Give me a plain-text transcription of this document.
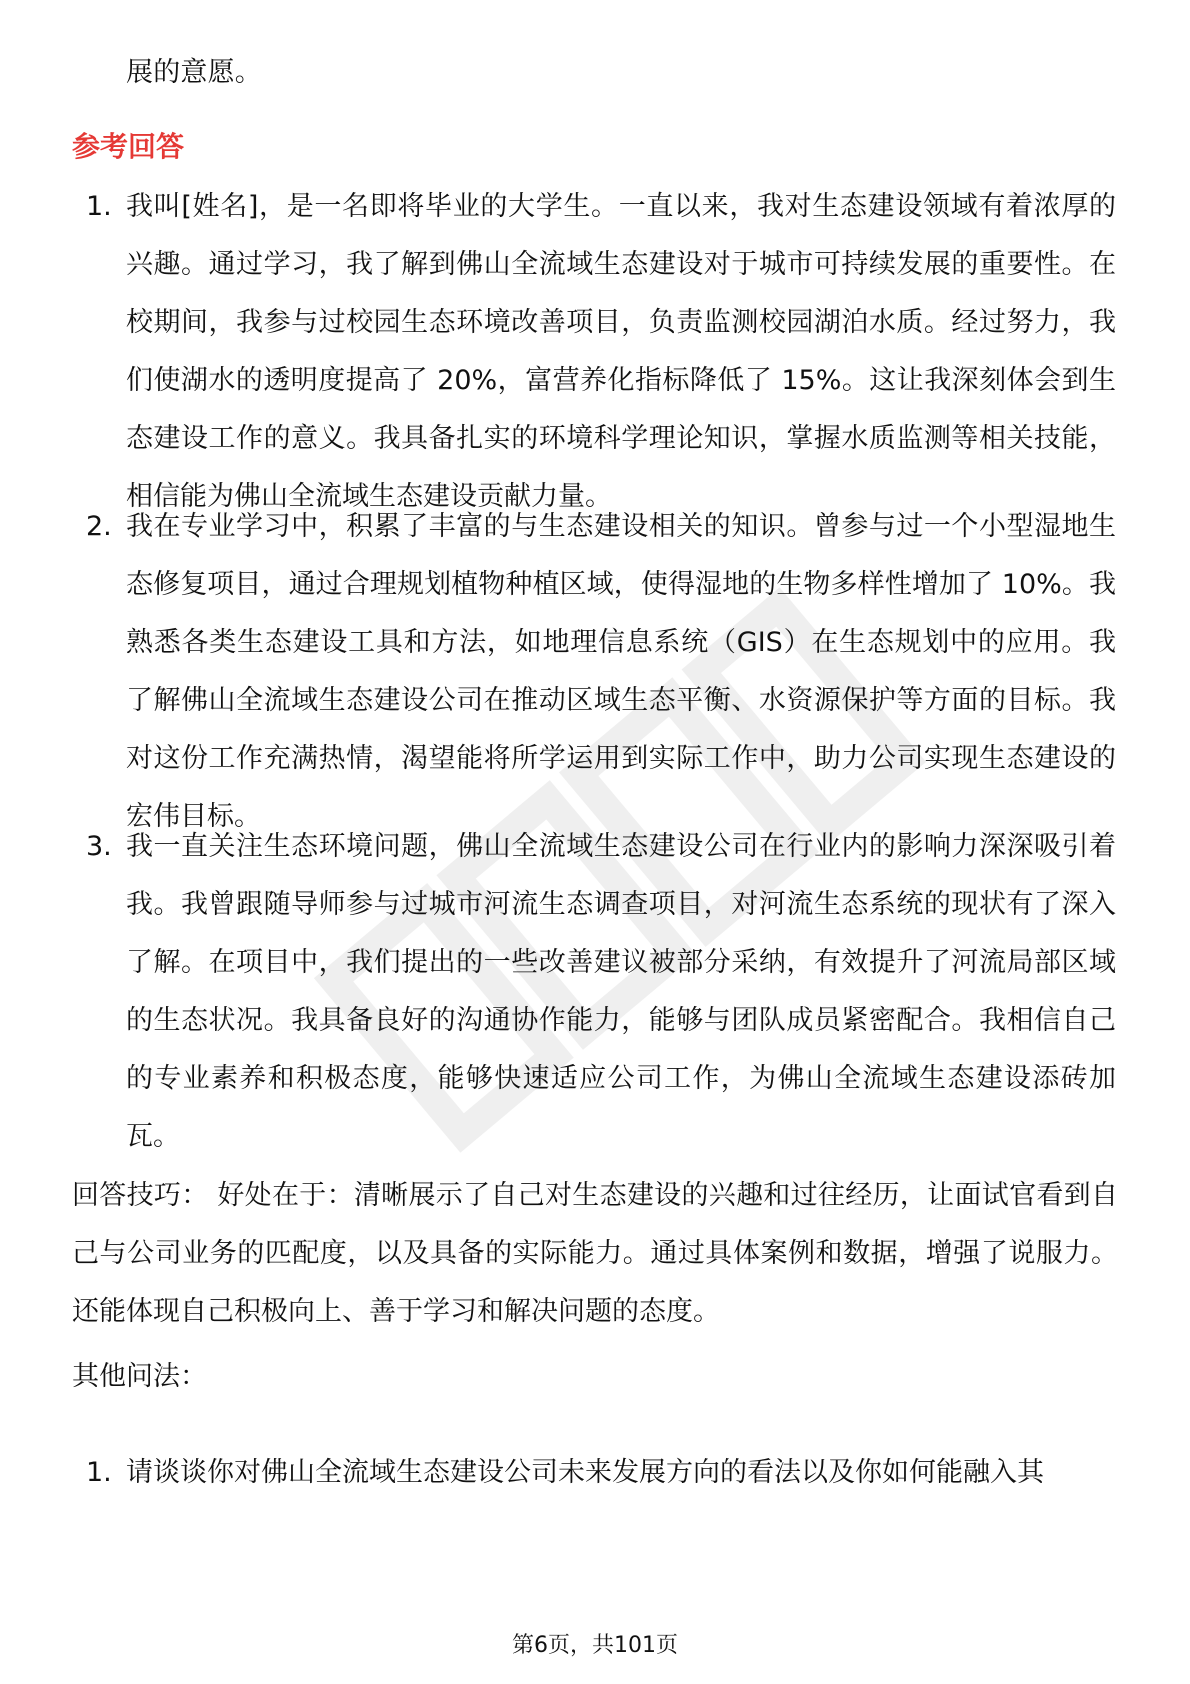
展的意愿。
参考回答
1. 我叫[姓名]，是一名即将毕业的大学生。一直以来，我对生态建设领域有着浓厚的兴趣。通过学习，我了解到佛山全流域生态建设对于城市可持续发展的重要性。在校期间，我参与过校园生态环境改善项目，负责监测校园湖泊水质。经过努力，我们使湖水的透明度提高了 20%，富营养化指标降低了 15%。这让我深刻体会到生态建设工作的意义。我具备扎实的环境科学理论知识，掌握水质监测等相关技能，相信能为佛山全流域生态建设贡献力量。
2. 我在专业学习中，积累了丰富的与生态建设相关的知识。曾参与过一个小型湿地生态修复项目，通过合理规划植物种植区域，使得湿地的生物多样性增加了 10%。我熟悉各类生态建设工具和方法，如地理信息系统（GIS）在生态规划中的应用。我了解佛山全流域生态建设公司在推动区域生态平衡、水资源保护等方面的目标。我对这份工作充满热情，渴望能将所学运用到实际工作中，助力公司实现生态建设的宏伟目标。
3. 我一直关注生态环境问题，佛山全流域生态建设公司在行业内的影响力深深吸引着我。我曾跟随导师参与过城市河流生态调查项目，对河流生态系统的现状有了深入了解。在项目中，我们提出的一些改善建议被部分采纳，有效提升了河流局部区域的生态状况。我具备良好的沟通协作能力，能够与团队成员紧密配合。我相信自己的专业素养和积极态度，能够快速适应公司工作，为佛山全流域生态建设添砖加瓦。
回答技巧： 好处在于：清晰展示了自己对生态建设的兴趣和过往经历，让面试官看到自己与公司业务的匹配度，以及具备的实际能力。通过具体案例和数据，增强了说服力。还能体现自己积极向上、善于学习和解决问题的态度。
其他问法：
1. 请谈谈你对佛山全流域生态建设公司未来发展方向的看法以及你如何能融入其
第6页，共101页
